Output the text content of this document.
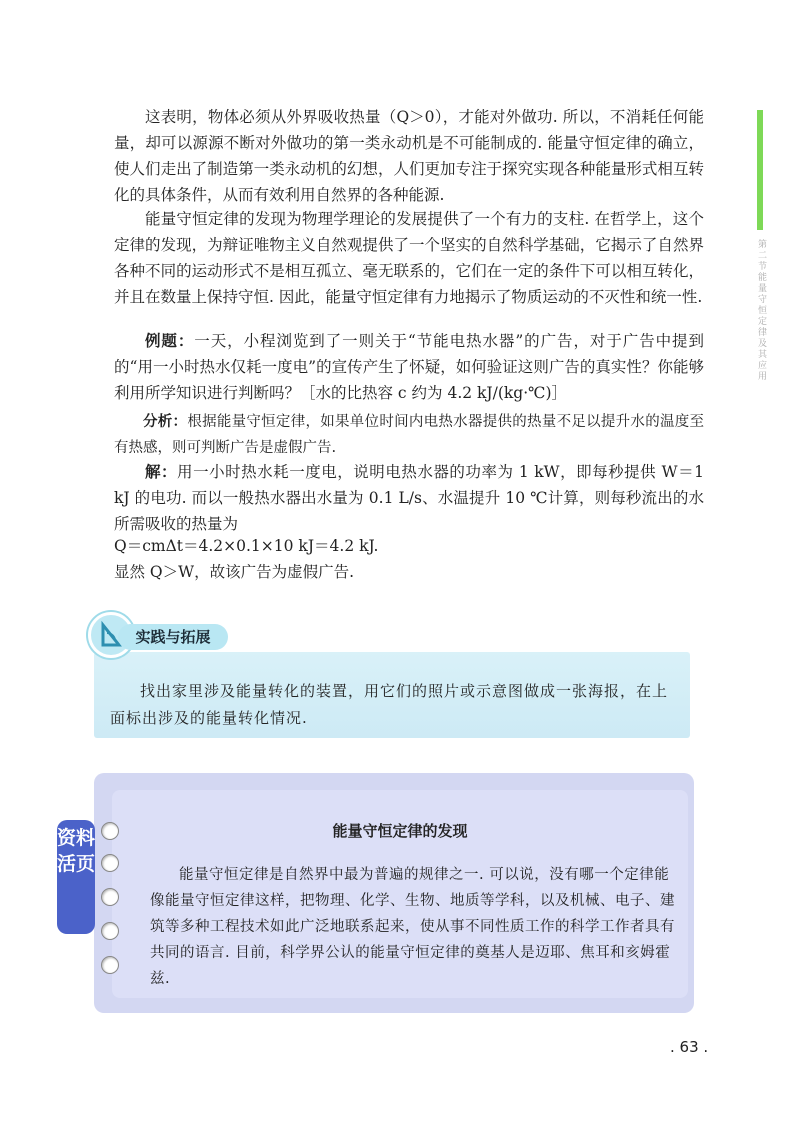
第二节 能量守恒定律及其应用

这表明，物体必须从外界吸收热量（Q＞0），才能对外做功. 所以，不消耗任何能量，却可以源源不断对外做功的第一类永动机是不可能制成的. 能量守恒定律的确立，使人们走出了制造第一类永动机的幻想，人们更加专注于探究实现各种能量形式相互转化的具体条件，从而有效利用自然界的各种能源.

能量守恒定律的发现为物理学理论的发展提供了一个有力的支柱. 在哲学上，这个定律的发现，为辩证唯物主义自然观提供了一个坚实的自然科学基础，它揭示了自然界各种不同的运动形式不是相互孤立、毫无联系的，它们在一定的条件下可以相互转化，并且在数量上保持守恒. 因此，能量守恒定律有力地揭示了物质运动的不灭性和统一性.

例题：一天，小程浏览到了一则关于“节能电热水器”的广告，对于广告中提到的“用一小时热水仅耗一度电”的宣传产生了怀疑，如何验证这则广告的真实性？你能够利用所学知识进行判断吗？［水的比热容 c 约为 4.2 kJ/(kg·℃)］

分析：根据能量守恒定律，如果单位时间内电热水器提供的热量不足以提升水的温度至有热感，则可判断广告是虚假广告.

解：用一小时热水耗一度电，说明电热水器的功率为 1 kW，即每秒提供 W＝1 kJ 的电功. 而以一般热水器出水量为 0.1 L/s、水温提升 10 ℃计算，则每秒流出的水所需吸收的热量为

Q＝cmΔt＝4.2×0.1×10 kJ＝4.2 kJ.
显然 Q＞W，故该广告为虚假广告.
实践与拓展

找出家里涉及能量转化的装置，用它们的照片或示意图做成一张海报，在上面标出涉及的能量转化情况.

资料活页

能量守恒定律的发现

能量守恒定律是自然界中最为普遍的规律之一. 可以说，没有哪一个定律能像能量守恒定律这样，把物理、化学、生物、地质等学科，以及机械、电子、建筑等多种工程技术如此广泛地联系起来，使从事不同性质工作的科学工作者具有共同的语言. 目前，科学界公认的能量守恒定律的奠基人是迈耶、焦耳和亥姆霍兹.

. 63 .
